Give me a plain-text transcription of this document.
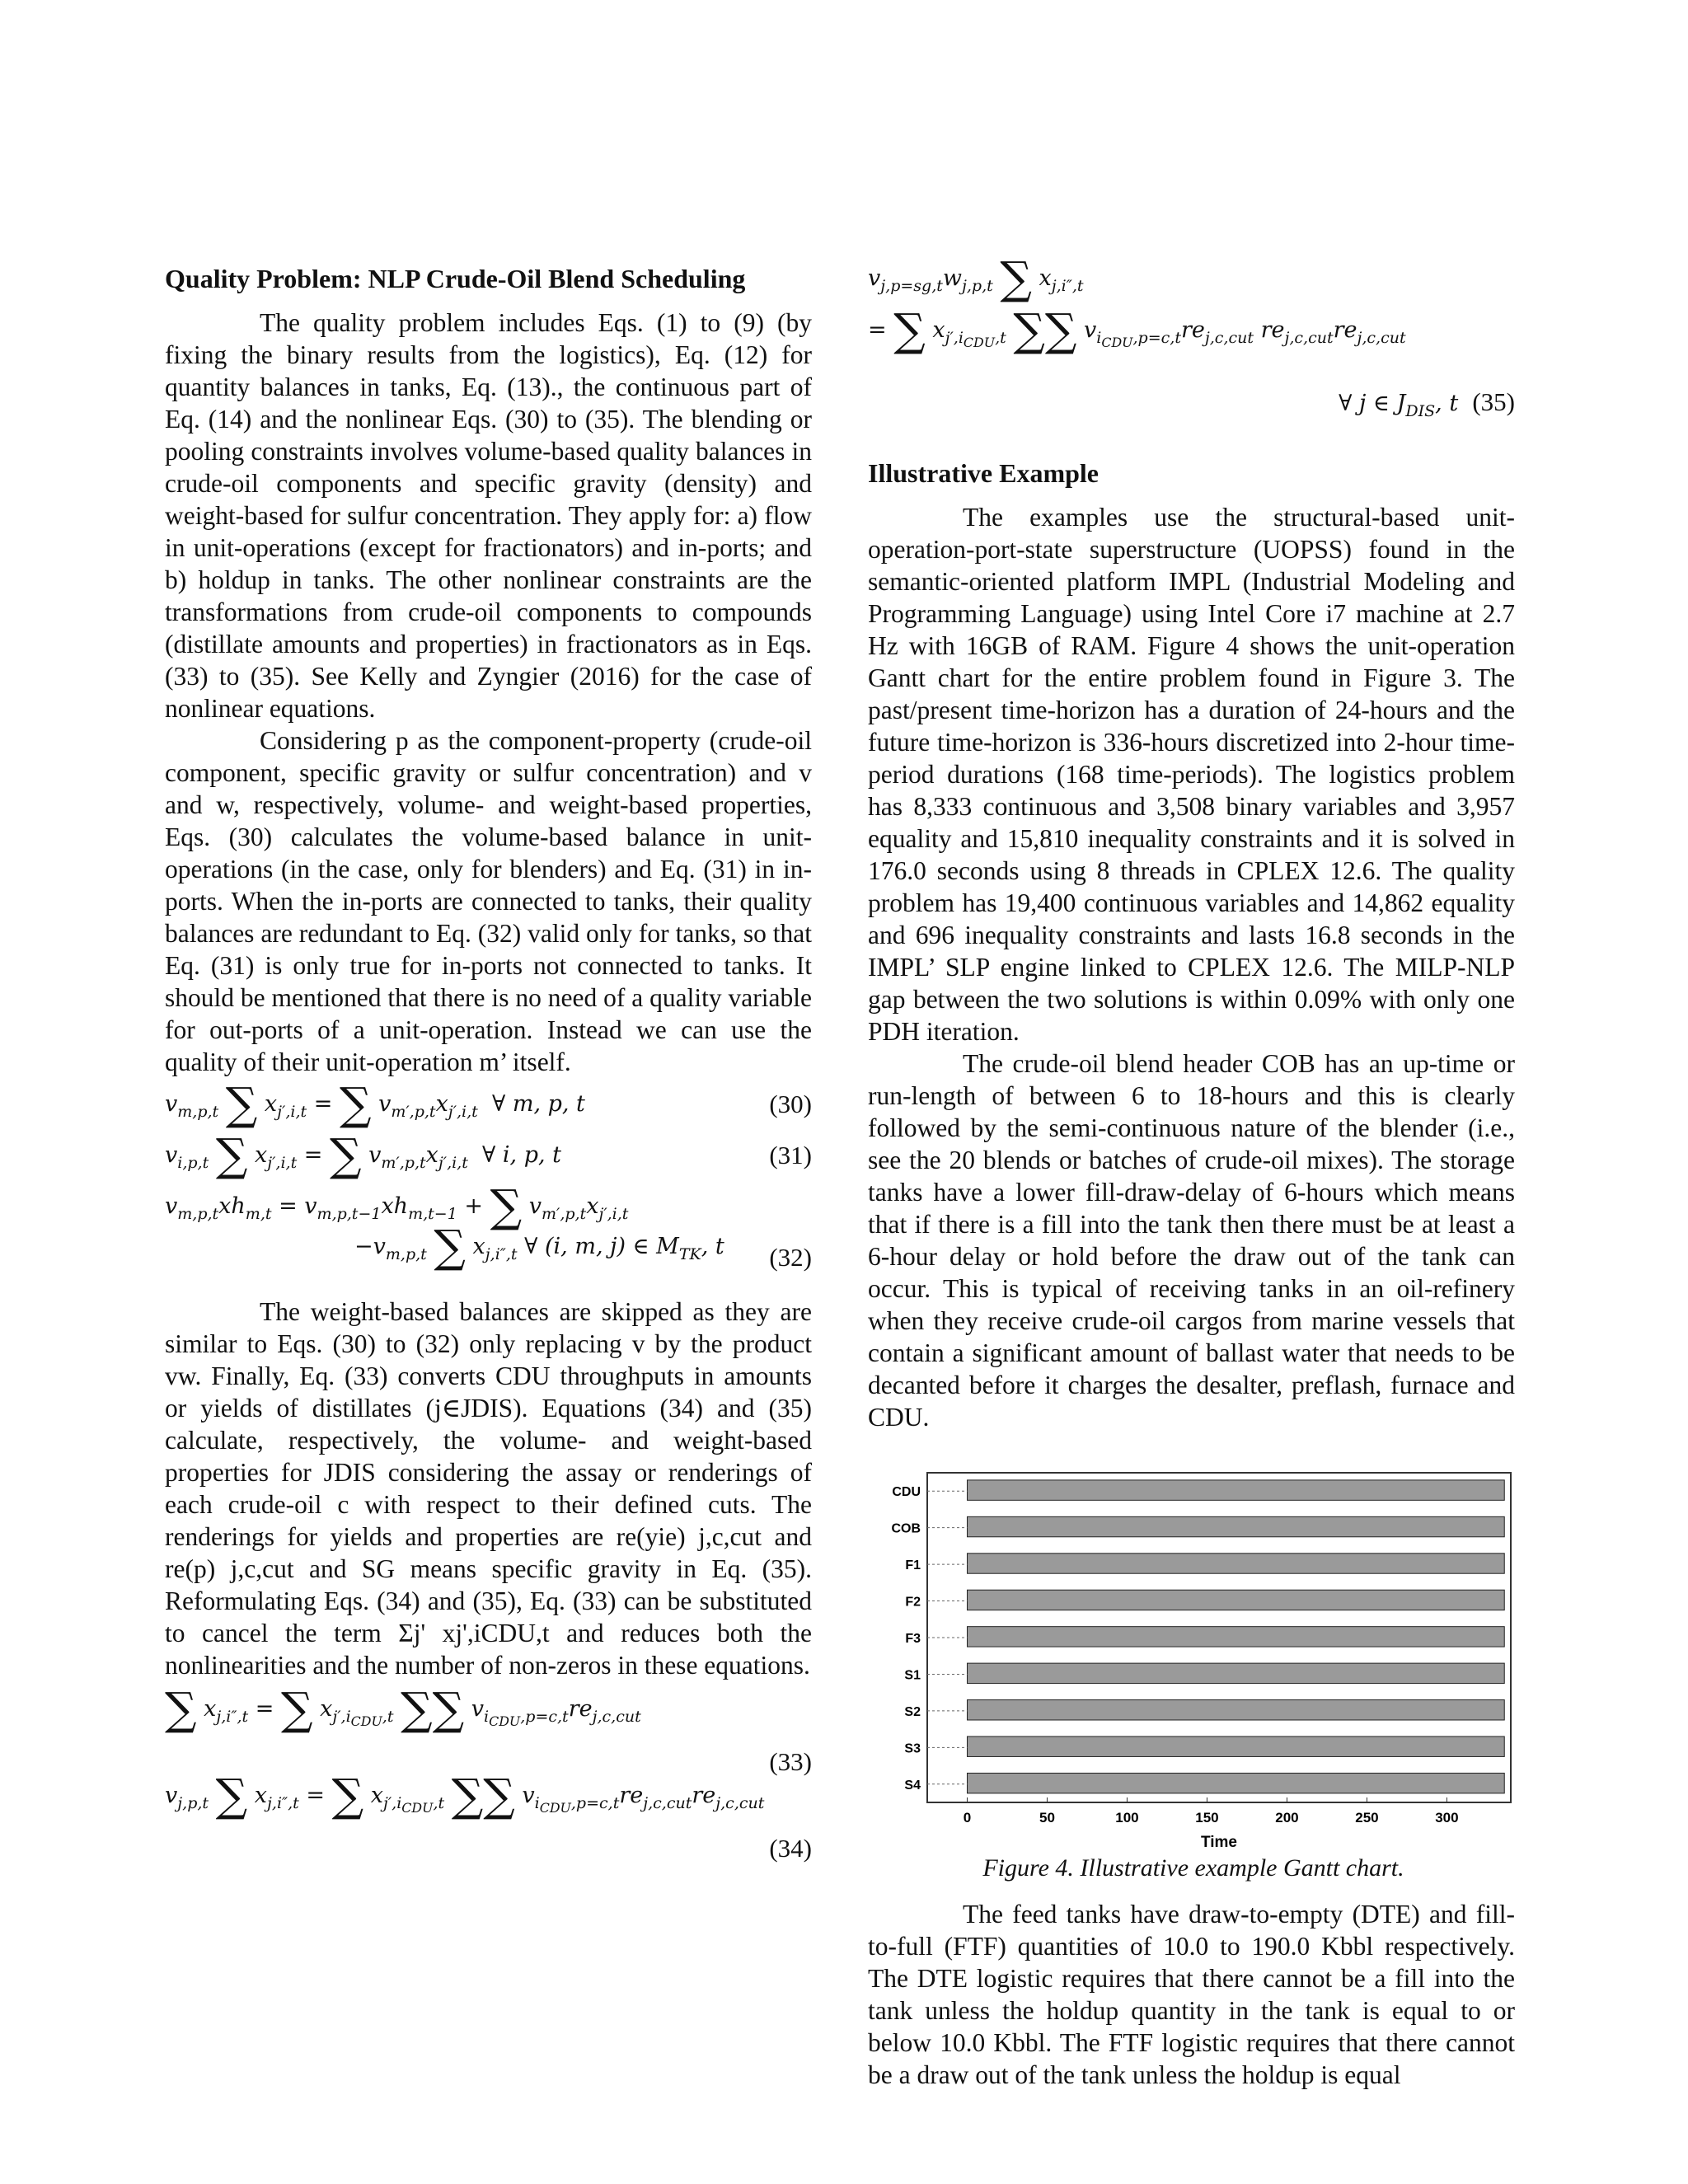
Quality Problem: NLP Crude-Oil Blend Scheduling

The quality problem includes Eqs. (1) to (9) (by fixing the binary results from the logistics), Eq. (12) for quantity balances in tanks, Eq. (13)., the continuous part of Eq. (14) and the nonlinear Eqs. (30) to (35). The blending or pooling constraints involves volume-based quality balances in crude-oil components and specific gravity (density) and weight-based for sulfur concentration. They apply for: a) flow in unit-operations (except for fractionators) and in-ports; and b) holdup in tanks. The other nonlinear constraints are the transformations from crude-oil components to compounds (distillate amounts and properties) in fractionators as in Eqs. (33) to (35). See Kelly and Zyngier (2016) for the case of nonlinear equations.

Considering p as the component-property (crude-oil component, specific gravity or sulfur concentration) and v and w, respectively, volume- and weight-based properties, Eqs. (30) calculates the volume-based balance in unit-operations (in the case, only for blenders) and Eq. (31) in in-ports. When the in-ports are connected to tanks, their quality balances are redundant to Eq. (32) valid only for tanks, so that Eq. (31) is only true for in-ports not connected to tanks. It should be mentioned that there is no need of a quality variable for out-ports of a unit-operation. Instead we can use the quality of their unit-operation m’ itself.

$v_{m,p,t}$ ∑ $x_{j',i,t}$ = ∑ $v_{m',p,t}x_{j',i,t}$  ∀ m, p, t	(30)
$v_{i,p,t}$ ∑ $x_{j',i,t}$ = ∑ $v_{m',p,t}x_{j',i,t}$  ∀ i, p, t	(31)
$v_{m,p,t}xh_{m,t} = v_{m,p,t-1}xh_{m,t-1}$ + ∑ $v_{m',p,t}x_{j',i,t}$
$-v_{m,p,t}$ ∑ $x_{j,i'',t}$ ∀ (i, m, j) ∈ $M_{TK}$, t	(32)

The weight-based balances are skipped as they are similar to Eqs. (30) to (32) only replacing v by the product vw. Finally, Eq. (33) converts CDU throughputs in amounts or yields of distillates (j∈JDIS). Equations (34) and (35) calculate, respectively, the volume- and weight-based properties for JDIS considering the assay or renderings of each crude-oil c with respect to their defined cuts. The renderings for yields and properties are re(yie) j,c,cut and re(p) j,c,cut and SG means specific gravity in Eq. (35). Reformulating Eqs. (34) and (35), Eq. (33) can be substituted to cancel the term Σj' xj',iCDU,t and reduces both the nonlinearities and the number of non-zeros in these equations.

∑ $x_{j,i'',t}$ = ∑ $x_{j',i_{CDU},t}$ ∑∑ $v_{i_{CDU},p=c,t}re_{j,c,cut}$
(33)
$v_{j,p,t}$ ∑ $x_{j,i'',t}$ = ∑ $x_{j',i_{CDU},t}$ ∑∑ $v_{i_{CDU},p=c,t}re_{j,c,cut}re_{j,c,cut}$
(34)
$v_{j,p=sg,t}w_{j,p,t}$ ∑ $x_{j,i'',t}$
= ∑ $x_{j',i_{CDU},t}$ ∑∑ $v_{i_{CDU},p=c,t}re_{j,c,cut}$ $re_{j,c,cut}re_{j,c,cut}$
∀ j ∈ $J_{DIS}$, t  (35)
Illustrative Example

The examples use the structural-based unit-operation-port-state superstructure (UOPSS) found in the semantic-oriented platform IMPL (Industrial Modeling and Programming Language) using Intel Core i7 machine at 2.7 Hz with 16GB of RAM. Figure 4 shows the unit-operation Gantt chart for the entire problem found in Figure 3. The past/present time-horizon has a duration of 24-hours and the future time-horizon is 336-hours discretized into 2-hour time-period durations (168 time-periods). The logistics problem has 8,333 continuous and 3,508 binary variables and 3,957 equality and 15,810 inequality constraints and it is solved in 176.0 seconds using 8 threads in CPLEX 12.6. The quality problem has 19,400 continuous variables and 14,862 equality and 696 inequality constraints and lasts 16.8 seconds in the IMPL’ SLP engine linked to CPLEX 12.6. The MILP-NLP gap between the two solutions is within 0.09% with only one PDH iteration.

The crude-oil blend header COB has an up-time or run-length of between 6 to 18-hours and this is clearly followed by the semi-continuous nature of the blender (i.e., see the 20 blends or batches of crude-oil mixes). The storage tanks have a lower fill-draw-delay of 6-hours which means that if there is a fill into the tank then there must be at least a 6-hour delay or hold before the draw out of the tank can occur. This is typical of receiving tanks in an oil-refinery when they receive crude-oil cargos from marine vessels that contain a significant amount of ballast water that needs to be decanted before it charges the desalter, preflash, furnace and CDU.

CDU
COB
F1
F2
F3
S1
S2
S3
S4
0	50	100	150	200	250	300
Time
Figure 4. Illustrative example Gantt chart.

The feed tanks have draw-to-empty (DTE) and fill-to-full (FTF) quantities of 10.0 to 190.0 Kbbl respectively. The DTE logistic requires that there cannot be a fill into the tank unless the holdup quantity in the tank is equal to or below 10.0 Kbbl. The FTF logistic requires that there cannot be a draw out of the tank unless the holdup is equal
